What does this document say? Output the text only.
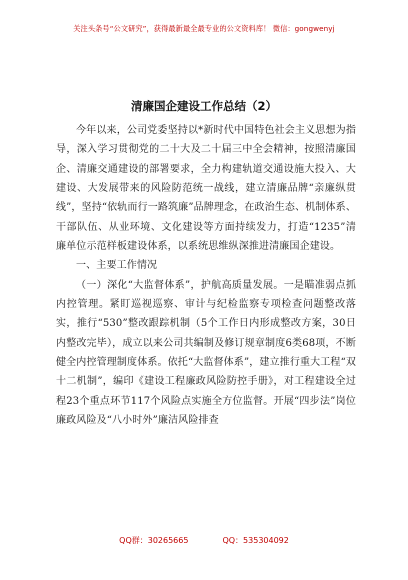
关注头条号“公文研究”，获得最新最全最专业的公文资料库！ 微信：gongwenyj
清廉国企建设工作总结（2）

今年以来，公司党委坚持以*新时代中国特色社会主义思想为指导，深入学习贯彻党的二十大及二十届三中全会精神，按照清廉国企、清廉交通建设的部署要求，全力构建轨道交通设施大投入、大建设、大发展带来的风险防范统一战线，建立清廉品牌“亲廉纵贯线”，坚持“依轨而行一路筑廉”品牌理念，在政治生态、机制体系、干部队伍、从业环境、文化建设等方面持续发力，打造“1235”清廉单位示范样板建设体系，以系统思维纵深推进清廉国企建设。

一、主要工作情况

（一）深化“大监督体系”，护航高质量发展。一是瞄准弱点抓内控管理。紧盯巡视巡察、审计与纪检监察专项检查问题整改落实，推行“530”整改跟踪机制（5个工作日内形成整改方案，30日内整改完毕），成立以来公司共编制及修订规章制度6类68项，不断健全内控管理制度体系。依托“大监督体系”，建立推行重大工程“双十二机制”，编印《建设工程廉政风险防控手册》，对工程建设全过程23个重点环节117个风险点实施全方位监督。开展“四步法”岗位廉政风险及“八小时外”廉洁风险排查

QQ群：30265665	QQ：535304092
